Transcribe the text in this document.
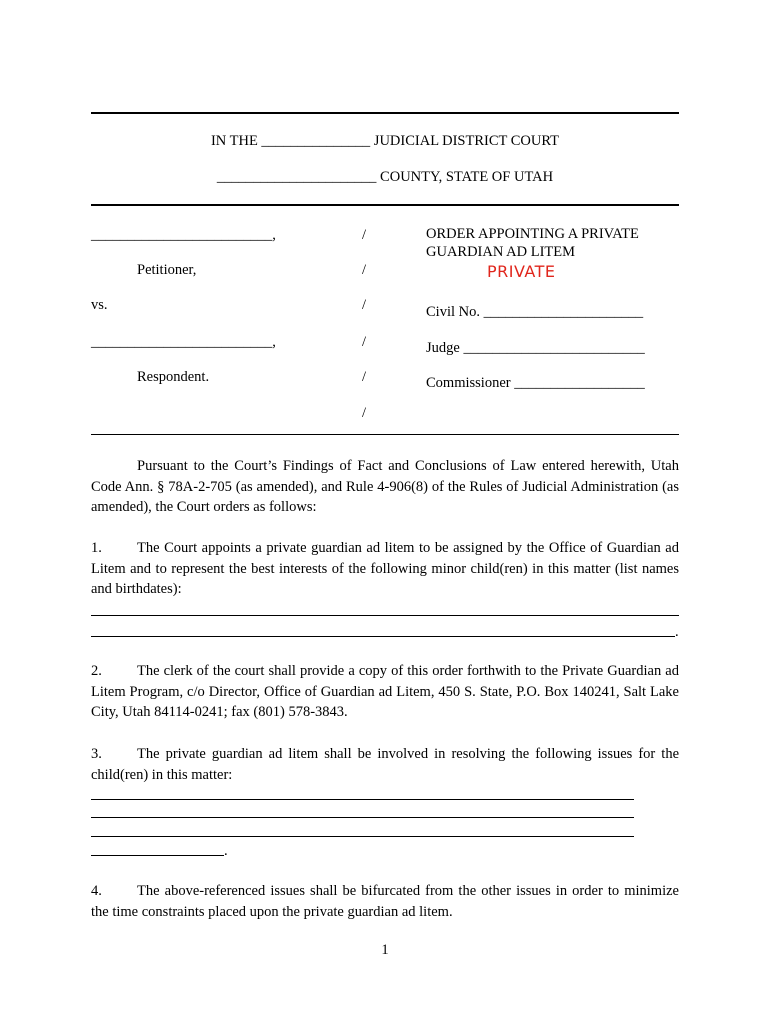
IN THE _______________ JUDICIAL DISTRICT COURT
______________________ COUNTY, STATE OF UTAH
_________________________,
Petitioner,
vs.
_________________________,
Respondent.
/
/
/
/
/
/
ORDER APPOINTING A PRIVATE
GUARDIAN AD LITEM
PRIVATE
Civil No. ______________________
Judge _________________________
Commissioner __________________
Pursuant to the Court’s Findings of Fact and Conclusions of Law entered herewith, Utah Code Ann. § 78A-2-705 (as amended), and Rule 4-906(8) of the Rules of Judicial Administration (as amended), the Court orders as follows:
1. The Court appoints a private guardian ad litem to be assigned by the Office of Guardian ad Litem and to represent the best interests of the following minor child(ren) in this matter (list names and birthdates):
.
2. The clerk of the court shall provide a copy of this order forthwith to the Private Guardian ad Litem Program, c/o Director, Office of Guardian ad Litem, 450 S. State, P.O. Box 140241, Salt Lake City, Utah 84114-0241; fax (801) 578-3843.
3. The private guardian ad litem shall be involved in resolving the following issues for the child(ren) in this matter:
.
4. The above-referenced issues shall be bifurcated from the other issues in order to minimize the time constraints placed upon the private guardian ad litem.
1
